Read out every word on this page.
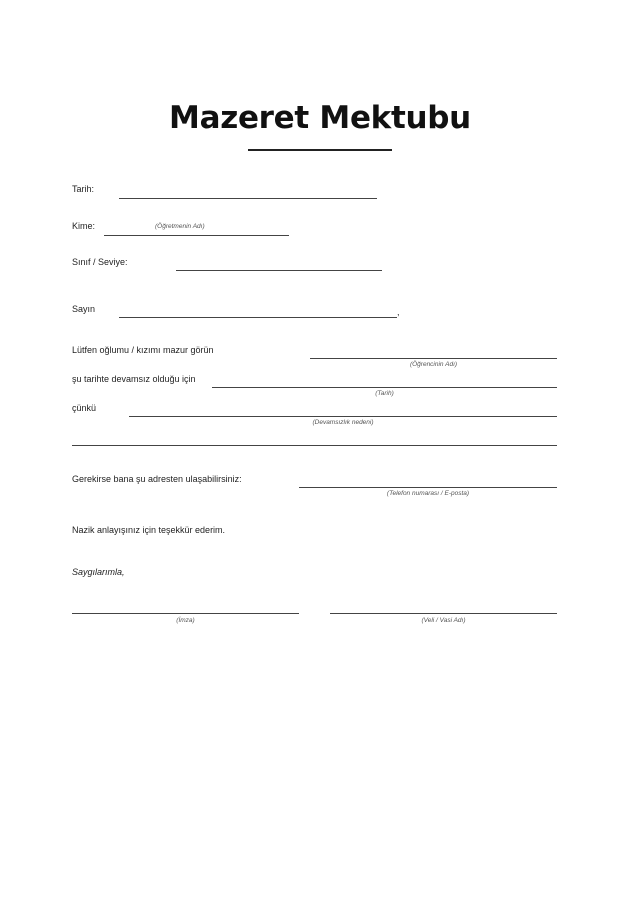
Mazeret Mektubu
Tarih:
Kime:	(Öğretmenin Adı)
Sınıf / Seviye:
Sayın	,
Lütfen oğlumu / kızımı mazur görün
(Öğrencinin Adı)
şu tarihte devamsız olduğu için
(Tarih)
çünkü
(Devamsızlık nedeni)
Gerekirse bana şu adresten ulaşabilirsiniz:
(Telefon numarası / E-posta)
Nazik anlayışınız için teşekkür ederim.
Saygılarımla,
(İmza)	(Veli / Vasi Adı)
